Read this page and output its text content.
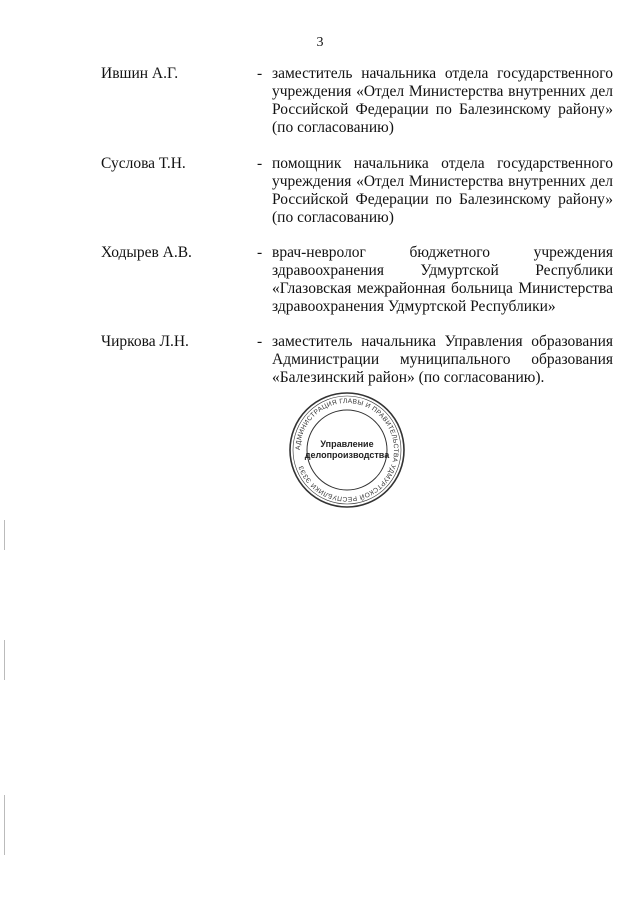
3
Ившин А.Г.	- заместитель начальника отдела государственного учреждения «Отдел Министерства внутренних дел Российской Федерации по Балезинскому району» (по согласованию)
Суслова Т.Н.	- помощник начальника отдела государственного учреждения «Отдел Министерства внутренних дел Российской Федерации по Балезинскому району» (по согласованию)
Ходырев А.В.	- врач-невролог бюджетного учреждения здравоохранения Удмуртской Республики «Глазовская межрайонная больница Министерства здравоохранения Удмуртской Республики»
Чиркова Л.Н.	- заместитель начальника Управления образования Администрации муниципального образования «Балезинский район» (по согласованию).
АДМИНИСТРАЦИЯ ГЛАВЫ И ПРАВИТЕЛЬСТВА УДМУРТСКОЙ РЕСПУБЛИКИ ЭЗЭЗ
Управление
делопроизводства
